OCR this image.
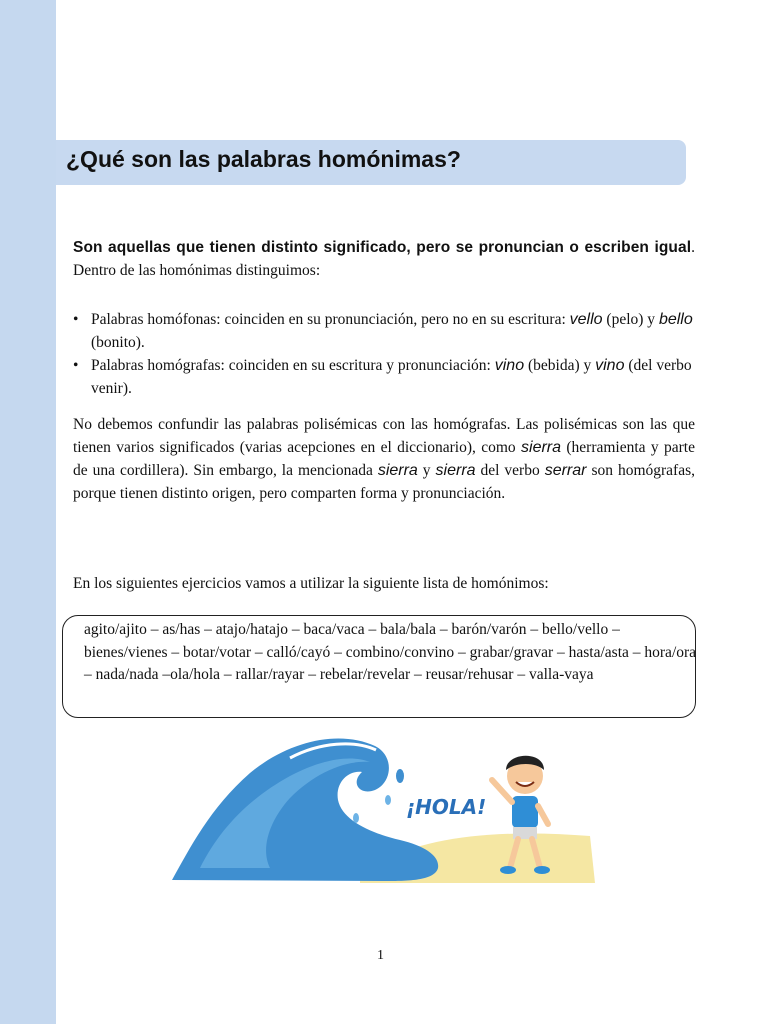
¿Qué son las palabras homónimas?

Son aquellas que tienen distinto significado, pero se pronuncian o escriben igual. Dentro de las homónimas distinguimos:

• Palabras homófonas: coinciden en su pronunciación, pero no en su escritura: vello (pelo) y bello (bonito).
• Palabras homógrafas: coinciden en su escritura y pronunciación: vino (bebida) y vino (del verbo venir).

No debemos confundir las palabras polisémicas con las homógrafas. Las polisémicas son las que tienen varios significados (varias acepciones en el diccionario), como sierra (herramienta y parte de una cordillera). Sin embargo, la mencionada sierra y sierra del verbo serrar son homógrafas, porque tienen distinto origen, pero comparten forma y pronunciación.

En los siguientes ejercicios vamos a utilizar la siguiente lista de homónimos:

agito/ajito – as/has – atajo/hatajo – baca/vaca – bala/bala – barón/varón – bello/vello – bienes/vienes – botar/votar – calló/cayó – combino/convino – grabar/gravar – hasta/asta – hora/ora – nada/nada –ola/hola – rallar/rayar – rebelar/revelar – reusar/rehusar – valla-vaya
¡HOLA!
1
